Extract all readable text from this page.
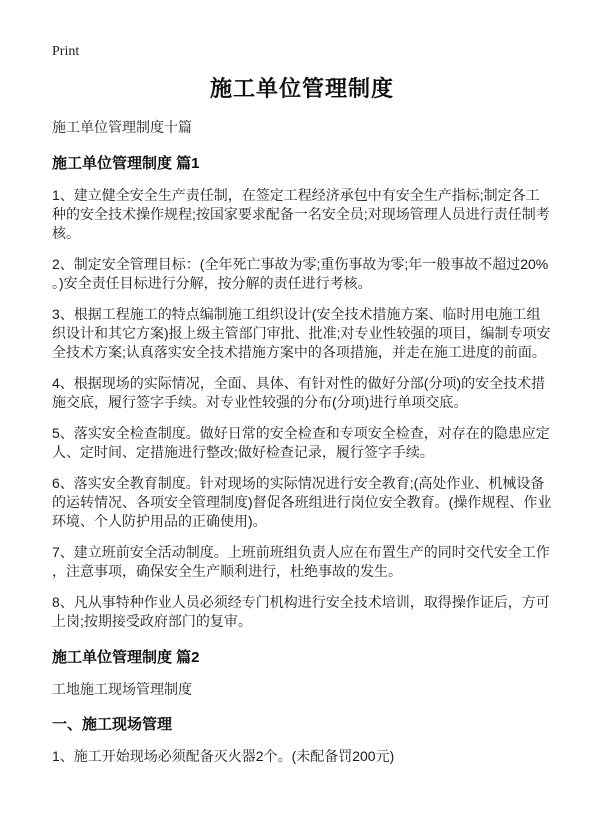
Print
施工单位管理制度

施工单位管理制度十篇

施工单位管理制度 篇1

1、建立健全安全生产责任制，在签定工程经济承包中有安全生产指标;制定各工种的安全技术操作规程;按国家要求配备一名安全员;对现场管理人员进行责任制考核。

2、制定安全管理目标：(全年死亡事故为零;重伤事故为零;年一般事故不超过20%。)安全责任目标进行分解，按分解的责任进行考核。

3、根据工程施工的特点编制施工组织设计(安全技术措施方案、临时用电施工组织设计和其它方案)报上级主管部门审批、批准;对专业性较强的项目，编制专项安全技术方案;认真落实安全技术措施方案中的各项措施，并走在施工进度的前面。

4、根据现场的实际情况，全面、具体、有针对性的做好分部(分项)的安全技术措施交底，履行签字手续。对专业性较强的分布(分项)进行单项交底。

5、落实安全检查制度。做好日常的安全检查和专项安全检查，对存在的隐患应定人、定时间、定措施进行整改;做好检查记录，履行签字手续。

6、落实安全教育制度。针对现场的实际情况进行安全教育;(高处作业、机械设备的运转情况、各项安全管理制度)督促各班组进行岗位安全教育。(操作规程、作业环境、个人防护用品的正确使用)。

7、建立班前安全活动制度。上班前班组负责人应在布置生产的同时交代安全工作，注意事项，确保安全生产顺利进行，杜绝事故的发生。

8、凡从事特种作业人员必须经专门机构进行安全技术培训，取得操作证后，方可上岗;按期接受政府部门的复审。

施工单位管理制度 篇2

工地施工现场管理制度

一、施工现场管理

1、施工开始现场必须配备灭火器2个。(未配备罚200元)
